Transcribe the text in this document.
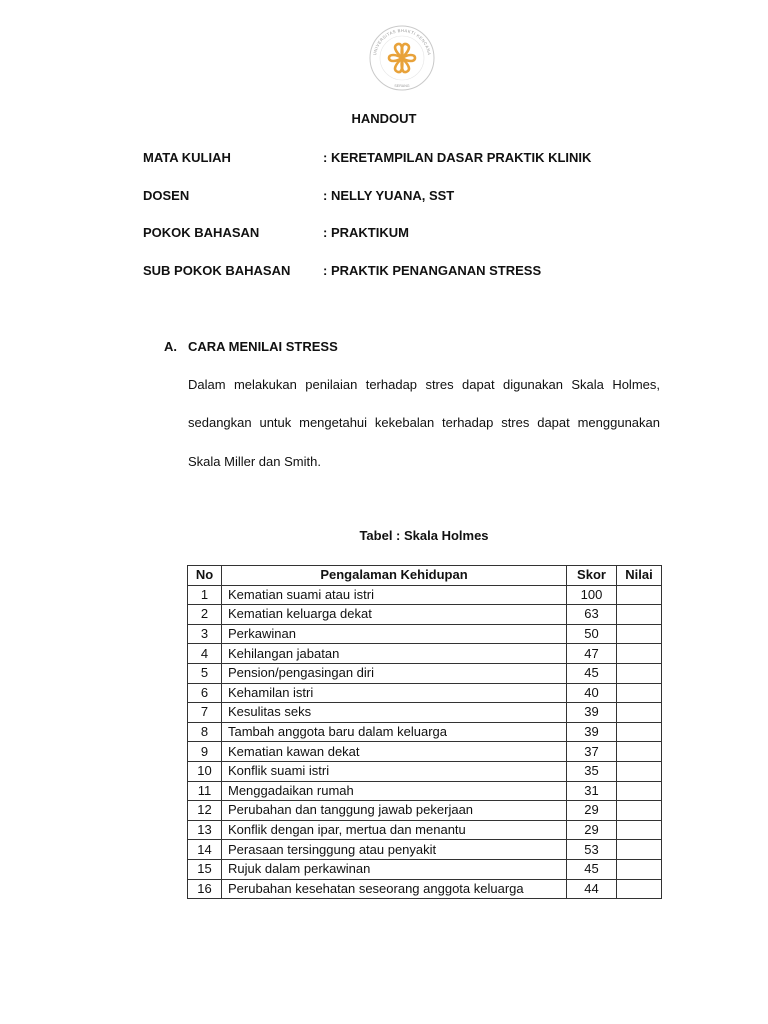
UNIVERSITAS BHAKTI KENCANA
SERANG
HANDOUT
MATA KULIAH	: KERETAMPILAN DASAR PRAKTIK KLINIK
DOSEN	: NELLY YUANA, SST
POKOK BAHASAN	: PRAKTIKUM
SUB POKOK BAHASAN	: PRAKTIK PENANGANAN STRESS
A. CARA MENILAI STRESS
Dalam melakukan penilaian terhadap stres dapat digunakan Skala Holmes,
sedangkan untuk mengetahui kekebalan terhadap stres dapat menggunakan
Skala Miller dan Smith.
Tabel : Skala Holmes
No	Pengalaman Kehidupan	Skor	Nilai
1	Kematian suami atau istri	100	
2	Kematian keluarga dekat	63	
3	Perkawinan	50	
4	Kehilangan jabatan	47	
5	Pension/pengasingan diri	45	
6	Kehamilan istri	40	
7	Kesulitas seks	39	
8	Tambah anggota baru dalam keluarga	39	
9	Kematian kawan dekat	37	
10	Konflik suami istri	35	
11	Menggadaikan rumah	31	
12	Perubahan dan tanggung jawab pekerjaan	29	
13	Konflik dengan ipar, mertua dan menantu	29	
14	Perasaan tersinggung atau penyakit	53	
15	Rujuk dalam perkawinan	45	
16	Perubahan kesehatan seseorang anggota keluarga	44	
